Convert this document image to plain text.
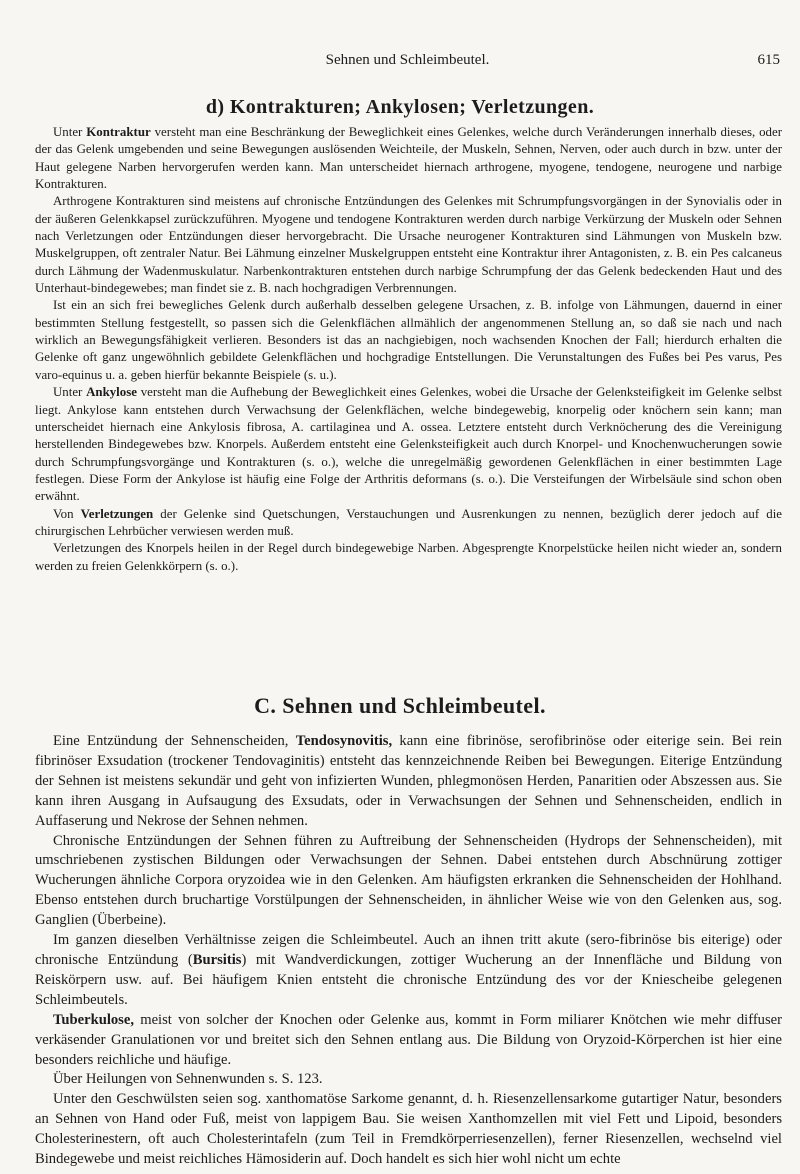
Sehnen und Schleimbeutel.	615
d) Kontrakturen; Ankylosen; Verletzungen.

Unter Kontraktur versteht man eine Beschränkung der Beweglichkeit eines Gelenkes, welche durch Veränderungen innerhalb dieses, oder der das Gelenk umgebenden und seine Bewegungen auslösenden Weichteile, der Muskeln, Sehnen, Nerven, oder auch durch in bzw. unter der Haut gelegene Narben hervorgerufen werden kann. Man unterscheidet hiernach arthrogene, myogene, tendogene, neurogene und narbige Kontrakturen.

Arthrogene Kontrakturen sind meistens auf chronische Entzündungen des Gelenkes mit Schrumpfungsvorgängen in der Synovialis oder in der äußeren Gelenkkapsel zurückzuführen. Myogene und tendogene Kontrakturen werden durch narbige Verkürzung der Muskeln oder Sehnen nach Verletzungen oder Entzündungen dieser hervorgebracht. Die Ursache neurogener Kontrakturen sind Lähmungen von Muskeln bzw. Muskelgruppen, oft zentraler Natur. Bei Lähmung einzelner Muskelgruppen entsteht eine Kontraktur ihrer Antagonisten, z. B. ein Pes calcaneus durch Lähmung der Wadenmuskulatur. Narbenkontrakturen entstehen durch narbige Schrumpfung der das Gelenk bedeckenden Haut und des Unterhaut-bindegewebes; man findet sie z. B. nach hochgradigen Verbrennungen.

Ist ein an sich frei bewegliches Gelenk durch außerhalb desselben gelegene Ursachen, z. B. infolge von Lähmungen, dauernd in einer bestimmten Stellung festgestellt, so passen sich die Gelenkflächen allmählich der angenommenen Stellung an, so daß sie nach und nach wirklich an Bewegungsfähigkeit verlieren. Besonders ist das an nachgiebigen, noch wachsenden Knochen der Fall; hierdurch erhalten die Gelenke oft ganz ungewöhnlich gebildete Gelenkflächen und hochgradige Entstellungen. Die Verunstaltungen des Fußes bei Pes varus, Pes varo-equinus u. a. geben hierfür bekannte Beispiele (s. u.).

Unter Ankylose versteht man die Aufhebung der Beweglichkeit eines Gelenkes, wobei die Ursache der Gelenksteifigkeit im Gelenke selbst liegt. Ankylose kann entstehen durch Verwachsung der Gelenkflächen, welche bindegewebig, knorpelig oder knöchern sein kann; man unterscheidet hiernach eine Ankylosis fibrosa, A. cartilaginea und A. ossea. Letztere entsteht durch Verknöcherung des die Vereinigung herstellenden Bindegewebes bzw. Knorpels. Außerdem entsteht eine Gelenksteifigkeit auch durch Knorpel- und Knochenwucherungen sowie durch Schrumpfungsvorgänge und Kontrakturen (s. o.), welche die unregelmäßig gewordenen Gelenkflächen in einer bestimmten Lage festlegen. Diese Form der Ankylose ist häufig eine Folge der Arthritis deformans (s. o.). Die Versteifungen der Wirbelsäule sind schon oben erwähnt.

Von Verletzungen der Gelenke sind Quetschungen, Verstauchungen und Ausrenkungen zu nennen, bezüglich derer jedoch auf die chirurgischen Lehrbücher verwiesen werden muß.

Verletzungen des Knorpels heilen in der Regel durch bindegewebige Narben. Abgesprengte Knorpelstücke heilen nicht wieder an, sondern werden zu freien Gelenkkörpern (s. o.).

C. Sehnen und Schleimbeutel.

Eine Entzündung der Sehnenscheiden, Tendosynovitis, kann eine fibrinöse, serofibrinöse oder eiterige sein. Bei rein fibrinöser Exsudation (trockener Tendovaginitis) entsteht das kennzeichnende Reiben bei Bewegungen. Eiterige Entzündung der Sehnen ist meistens sekundär und geht von infizierten Wunden, phlegmonösen Herden, Panaritien oder Abszessen aus. Sie kann ihren Ausgang in Aufsaugung des Exsudats, oder in Verwachsungen der Sehnen und Sehnenscheiden, endlich in Auffaserung und Nekrose der Sehnen nehmen.

Chronische Entzündungen der Sehnen führen zu Auftreibung der Sehnenscheiden (Hydrops der Sehnenscheiden), mit umschriebenen zystischen Bildungen oder Verwachsungen der Sehnen. Dabei entstehen durch Abschnürung zottiger Wucherungen ähnliche Corpora oryzoidea wie in den Gelenken. Am häufigsten erkranken die Sehnenscheiden der Hohlhand. Ebenso entstehen durch bruchartige Vorstülpungen der Sehnenscheiden, in ähnlicher Weise wie von den Gelenken aus, sog. Ganglien (Überbeine).

Im ganzen dieselben Verhältnisse zeigen die Schleimbeutel. Auch an ihnen tritt akute (sero-fibrinöse bis eiterige) oder chronische Entzündung (Bursitis) mit Wandverdickungen, zottiger Wucherung an der Innenfläche und Bildung von Reiskörpern usw. auf. Bei häufigem Knien entsteht die chronische Entzündung des vor der Kniescheibe gelegenen Schleimbeutels.

Tuberkulose, meist von solcher der Knochen oder Gelenke aus, kommt in Form miliarer Knötchen wie mehr diffuser verkäsender Granulationen vor und breitet sich den Sehnen entlang aus. Die Bildung von Oryzoid-Körperchen ist hier eine besonders reichliche und häufige.

Über Heilungen von Sehnenwunden s. S. 123.

Unter den Geschwülsten seien sog. xanthomatöse Sarkome genannt, d. h. Riesenzellensarkome gutartiger Natur, besonders an Sehnen von Hand oder Fuß, meist von lappigem Bau. Sie weisen Xanthomzellen mit viel Fett und Lipoid, besonders Cholesterinestern, oft auch Cholesterintafeln (zum Teil in Fremdkörperriesenzellen), ferner Riesenzellen, wechselnd viel Bindegewebe und meist reichliches Hämosiderin auf. Doch handelt es sich hier wohl nicht um echte
